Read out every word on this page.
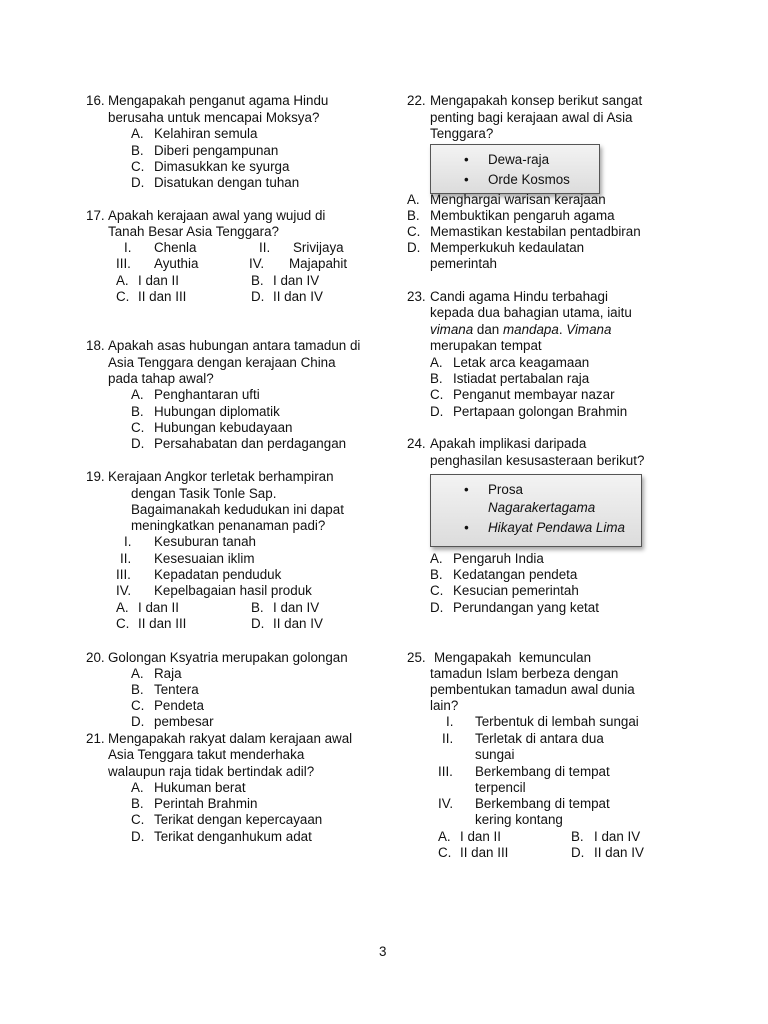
16. Mengapakah penganut agama Hindu
berusaha untuk mencapai Moksya?
A. Kelahiran semula
B. Diberi pengampunan
C. Dimasukkan ke syurga
D. Disatukan dengan tuhan
17. Apakah kerajaan awal yang wujud di
Tanah Besar Asia Tenggara?
I. Chenla	II. Srivijaya
III. Ayuthia	IV. Majapahit
A. I dan II	B. I dan IV
C. II dan III	D. II dan IV
18. Apakah asas hubungan antara tamadun di
Asia Tenggara dengan kerajaan China
pada tahap awal?
A. Penghantaran ufti
B. Hubungan diplomatik
C. Hubungan kebudayaan
D. Persahabatan dan perdagangan
19. Kerajaan Angkor terletak berhampiran
dengan Tasik Tonle Sap.
Bagaimanakah kedudukan ini dapat
meningkatkan penanaman padi?
I. Kesuburan tanah
II. Kesesuaian iklim
III. Kepadatan penduduk
IV. Kepelbagaian hasil produk
A. I dan II	B. I dan IV
C. II dan III	D. II dan IV
20. Golongan Ksyatria merupakan golongan
A. Raja
B. Tentera
C. Pendeta
D. pembesar
21. Mengapakah rakyat dalam kerajaan awal
Asia Tenggara takut menderhaka
walaupun raja tidak bertindak adil?
A. Hukuman berat
B. Perintah Brahmin
C. Terikat dengan kepercayaan
D. Terikat denganhukum adat
22. Mengapakah konsep berikut sangat
penting bagi kerajaan awal di Asia
Tenggara?
• Dewa-raja
• Orde Kosmos
A. Menghargai warisan kerajaan
B. Membuktikan pengaruh agama
C. Memastikan kestabilan pentadbiran
D. Memperkukuh kedaulatan
pemerintah
23. Candi agama Hindu terbahagi
kepada dua bahagian utama, iaitu
vimana dan mandapa. Vimana
merupakan tempat
A. Letak arca keagamaan
B. Istiadat pertabalan raja
C. Penganut membayar nazar
D. Pertapaan golongan Brahmin
24. Apakah implikasi daripada
penghasilan kesusasteraan berikut?
• Prosa
Nagarakertagama
• Hikayat Pendawa Lima
A. Pengaruh India
B. Kedatangan pendeta
C. Kesucian pemerintah
D. Perundangan yang ketat
25. Mengapakah  kemunculan
tamadun Islam berbeza dengan
pembentukan tamadun awal dunia
lain?
I. Terbentuk di lembah sungai
II. Terletak di antara dua
sungai
III. Berkembang di tempat
terpencil
IV. Berkembang di tempat
kering kontang
A. I dan II	B. I dan IV
C. II dan III	D. II dan IV
3
